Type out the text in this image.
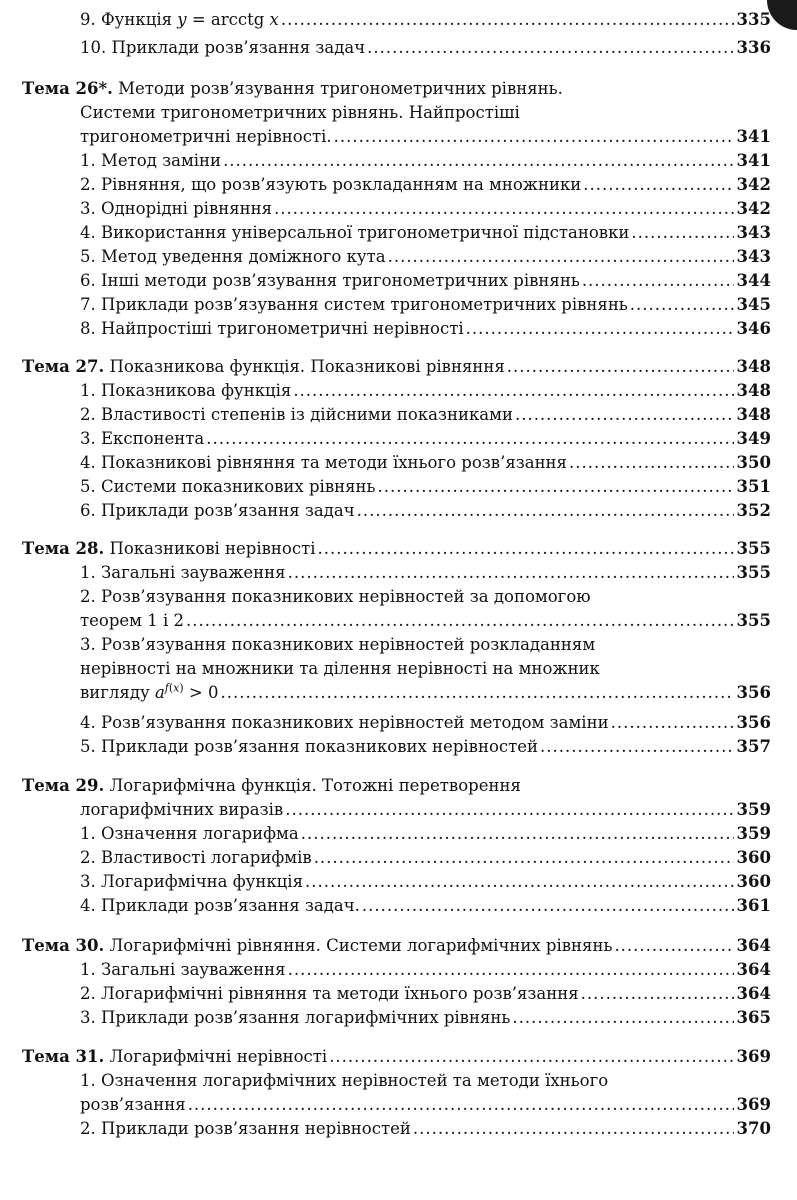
9. Функція y = arcctg x .....	335
10. Приклади розв’язання задач .....	336
Тема 26*. Методи розв’язування тригонометричних рівнянь.
Системи тригонометричних рівнянь. Найпростіші
тригонометричні нерівності. .....	341
1. Метод заміни .....	341
2. Рівняння, що розв’язують розкладанням на множники .....	342
3. Однорідні рівняння .....	342
4. Використання універсальної тригонометричної підстановки .....	343
5. Метод уведення доміжного кута .....	343
6. Інші методи розв’язування тригонометричних рівнянь .....	344
7. Приклади розв’язування систем тригонометричних рівнянь .....	345
8. Найпростіші тригонометричні нерівності .....	346
Тема 27. Показникова функція. Показникові рівняння .....	348
1. Показникова функція .....	348
2. Властивості степенів із дійсними показниками .....	348
3. Експонента .....	349
4. Показникові рівняння та методи їхнього розв’язання .....	350
5. Системи показникових рівнянь .....	351
6. Приклади розв’язання задач .....	352
Тема 28. Показникові нерівності .....	355
1. Загальні зауваження .....	355
2. Розв’язування показникових нерівностей за допомогою
теорем 1 і 2 .....	355
3. Розв’язування показникових нерівностей розкладанням
нерівності на множники та ділення нерівності на множник
вигляду $a^{f(x)} > 0$ .....	356
4. Розв’язування показникових нерівностей методом заміни .....	356
5. Приклади розв’язання показникових нерівностей .....	357
Тема 29. Логарифмічна функція. Тотожні перетворення
логарифмічних виразів .....	359
1. Означення логарифма .....	359
2. Властивості логарифмів .....	360
3. Логарифмічна функція .....	360
4. Приклади розв’язання задач. .....	361
Тема 30. Логарифмічні рівняння. Системи логарифмічних рівнянь .....	364
1. Загальні зауваження .....	364
2. Логарифмічні рівняння та методи їхнього розв’язання .....	364
3. Приклади розв’язання логарифмічних рівнянь .....	365
Тема 31. Логарифмічні нерівності .....	369
1. Означення логарифмічних нерівностей та методи їхнього
розв’язання .....	369
2. Приклади розв’язання нерівностей .....	370
